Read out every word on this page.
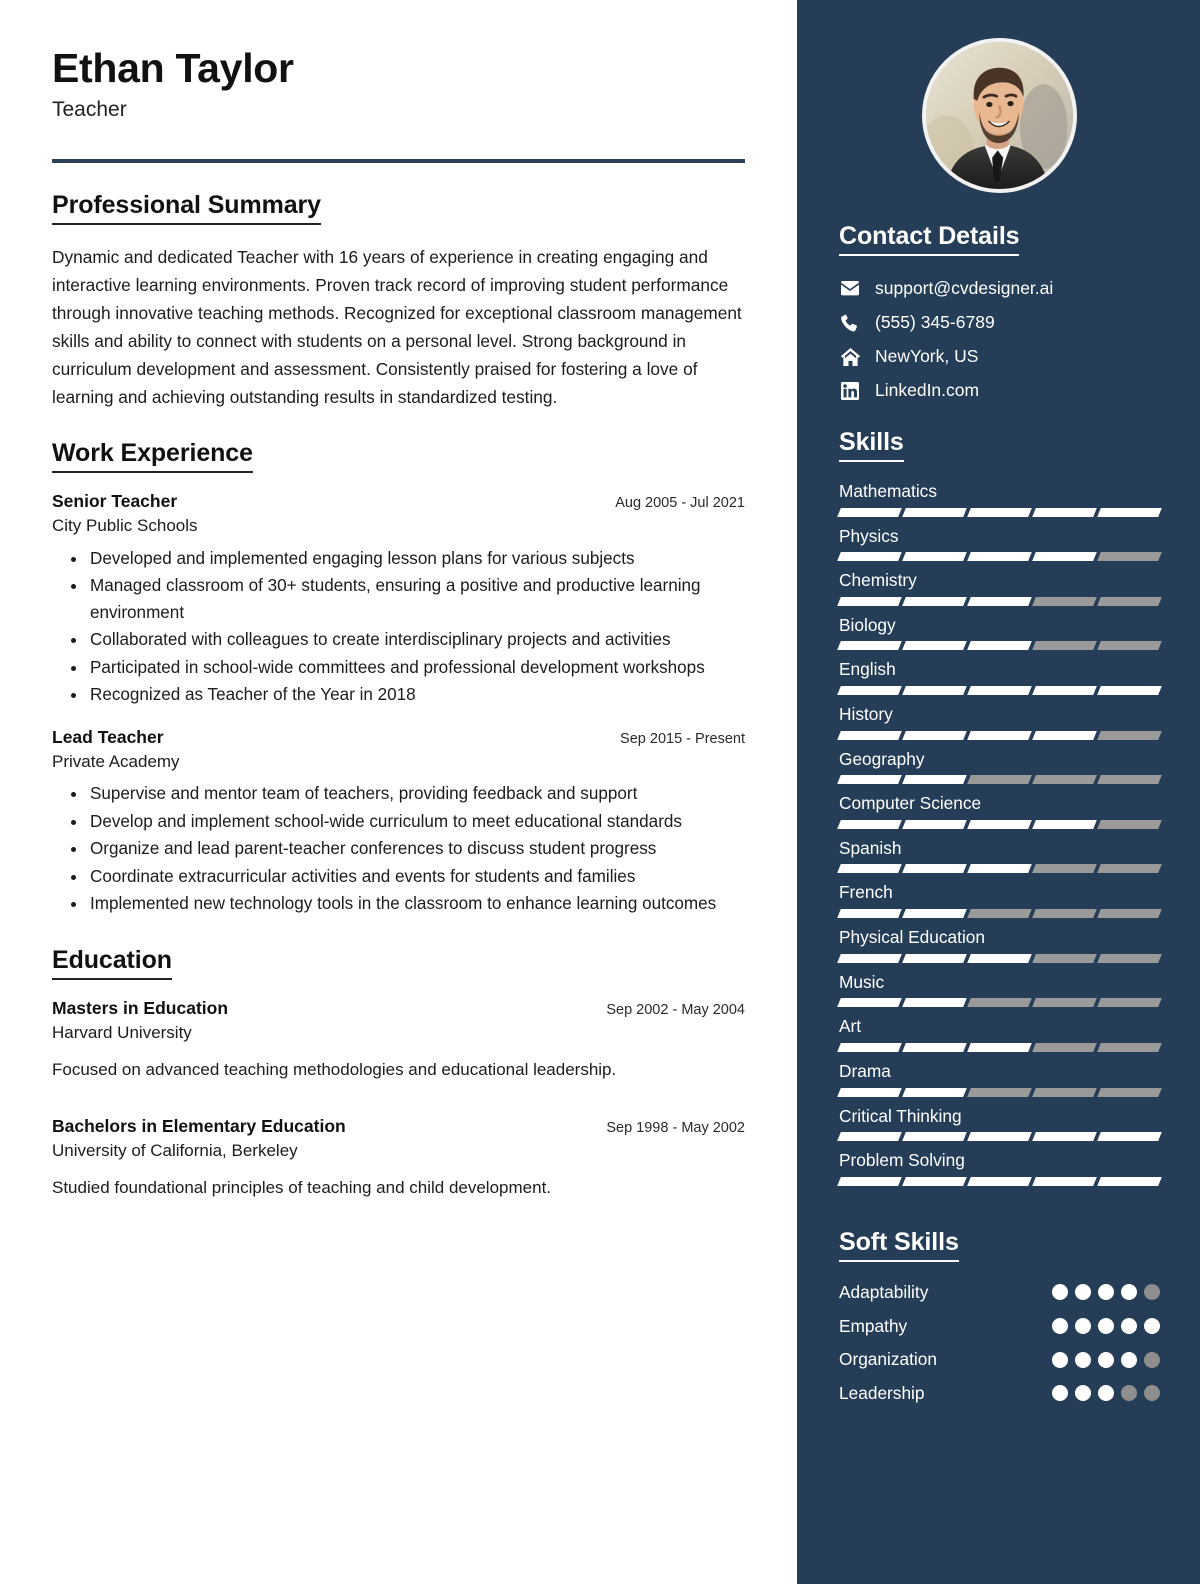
Ethan Taylor
Teacher
Professional Summary
Dynamic and dedicated Teacher with 16 years of experience in creating engaging and interactive learning environments. Proven track record of improving student performance through innovative teaching methods. Recognized for exceptional classroom management skills and ability to connect with students on a personal level. Strong background in curriculum development and assessment. Consistently praised for fostering a love of learning and achieving outstanding results in standardized testing.
Work Experience
Senior Teacher	Aug 2005 - Jul 2021
City Public Schools
Developed and implemented engaging lesson plans for various subjects
Managed classroom of 30+ students, ensuring a positive and productive learning environment
Collaborated with colleagues to create interdisciplinary projects and activities
Participated in school-wide committees and professional development workshops
Recognized as Teacher of the Year in 2018
Lead Teacher	Sep 2015 - Present
Private Academy
Supervise and mentor team of teachers, providing feedback and support
Develop and implement school-wide curriculum to meet educational standards
Organize and lead parent-teacher conferences to discuss student progress
Coordinate extracurricular activities and events for students and families
Implemented new technology tools in the classroom to enhance learning outcomes
Education
Masters in Education	Sep 2002 - May 2004
Harvard University
Focused on advanced teaching methodologies and educational leadership.
Bachelors in Elementary Education	Sep 1998 - May 2002
University of California, Berkeley
Studied foundational principles of teaching and child development.
Contact Details
support@cvdesigner.ai
(555) 345-6789
NewYork, US
LinkedIn.com
Skills
Mathematics
Physics
Chemistry
Biology
English
History
Geography
Computer Science
Spanish
French
Physical Education
Music
Art
Drama
Critical Thinking
Problem Solving
Soft Skills
Adaptability
Empathy
Organization
Leadership
